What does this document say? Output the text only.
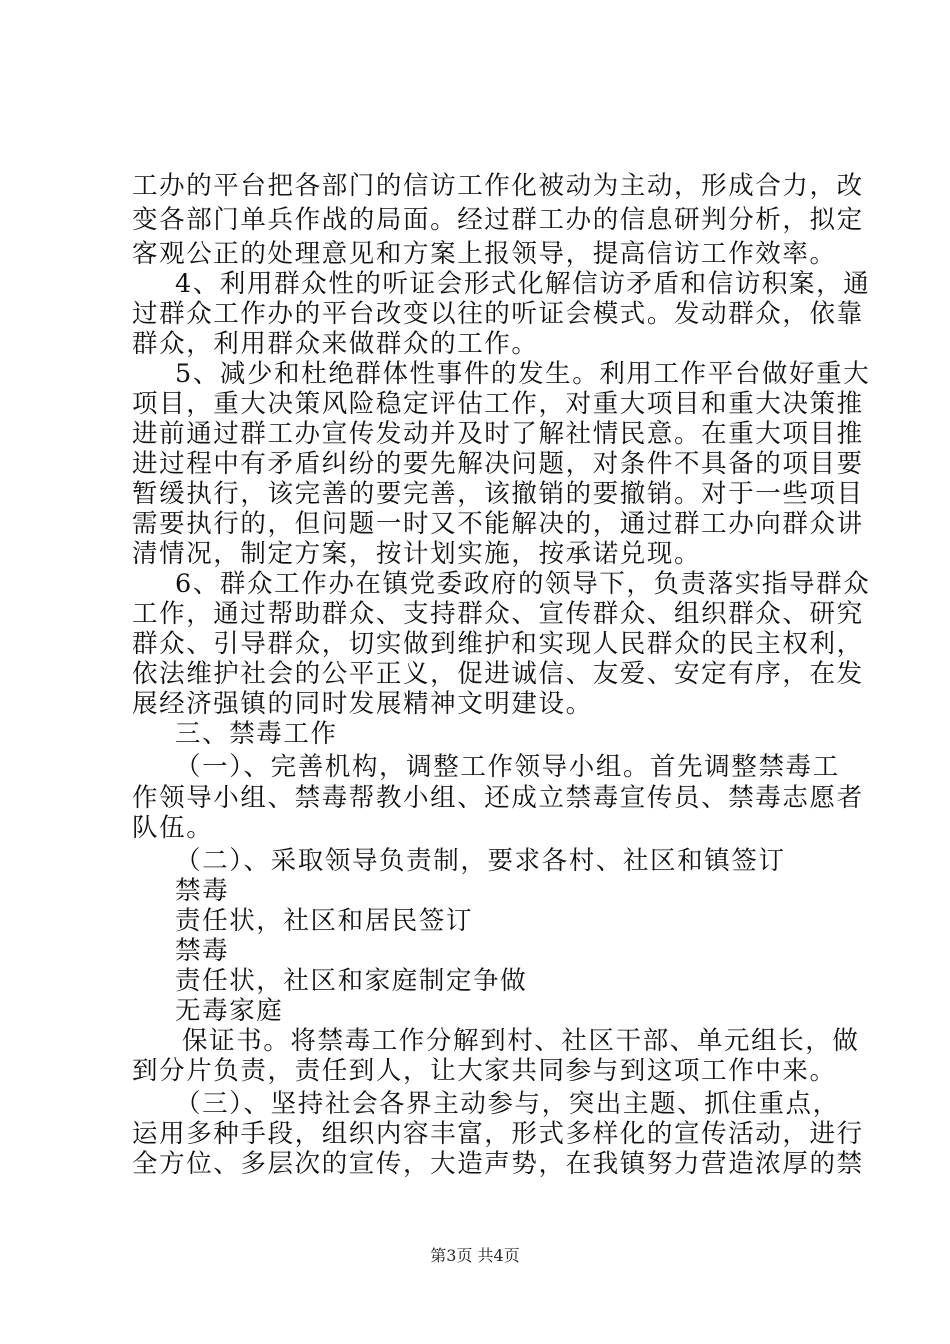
工办的平台把各部门的信访工作化被动为主动，形成合力，改
变各部门单兵作战的局面。经过群工办的信息研判分析，拟定
客观公正的处理意见和方案上报领导，提高信访工作效率。
4、利用群众性的听证会形式化解信访矛盾和信访积案，通
过群众工作办的平台改变以往的听证会模式。发动群众，依靠
群众，利用群众来做群众的工作。
5、减少和杜绝群体性事件的发生。利用工作平台做好重大
项目，重大决策风险稳定评估工作，对重大项目和重大决策推
进前通过群工办宣传发动并及时了解社情民意。在重大项目推
进过程中有矛盾纠纷的要先解决问题，对条件不具备的项目要
暂缓执行，该完善的要完善，该撤销的要撤销。对于一些项目
需要执行的，但问题一时又不能解决的，通过群工办向群众讲
清情况，制定方案，按计划实施，按承诺兑现。
6、群众工作办在镇党委政府的领导下，负责落实指导群众
工作，通过帮助群众、支持群众、宣传群众、组织群众、研究
群众、引导群众，切实做到维护和实现人民群众的民主权利，
依法维护社会的公平正义，促进诚信、友爱、安定有序，在发
展经济强镇的同时发展精神文明建设。
三、禁毒工作
（一）、完善机构，调整工作领导小组。首先调整禁毒工
作领导小组、禁毒帮教小组、还成立禁毒宣传员、禁毒志愿者
队伍。
（二）、采取领导负责制，要求各村、社区和镇签订
禁毒
责任状，社区和居民签订
禁毒
责任状，社区和家庭制定争做
无毒家庭
保证书。将禁毒工作分解到村、社区干部、单元组长，做
到分片负责，责任到人，让大家共同参与到这项工作中来。
（三）、坚持社会各界主动参与，突出主题、抓住重点，
运用多种手段，组织内容丰富，形式多样化的宣传活动，进行
全方位、多层次的宣传，大造声势，在我镇努力营造浓厚的禁
第3页 共4页
